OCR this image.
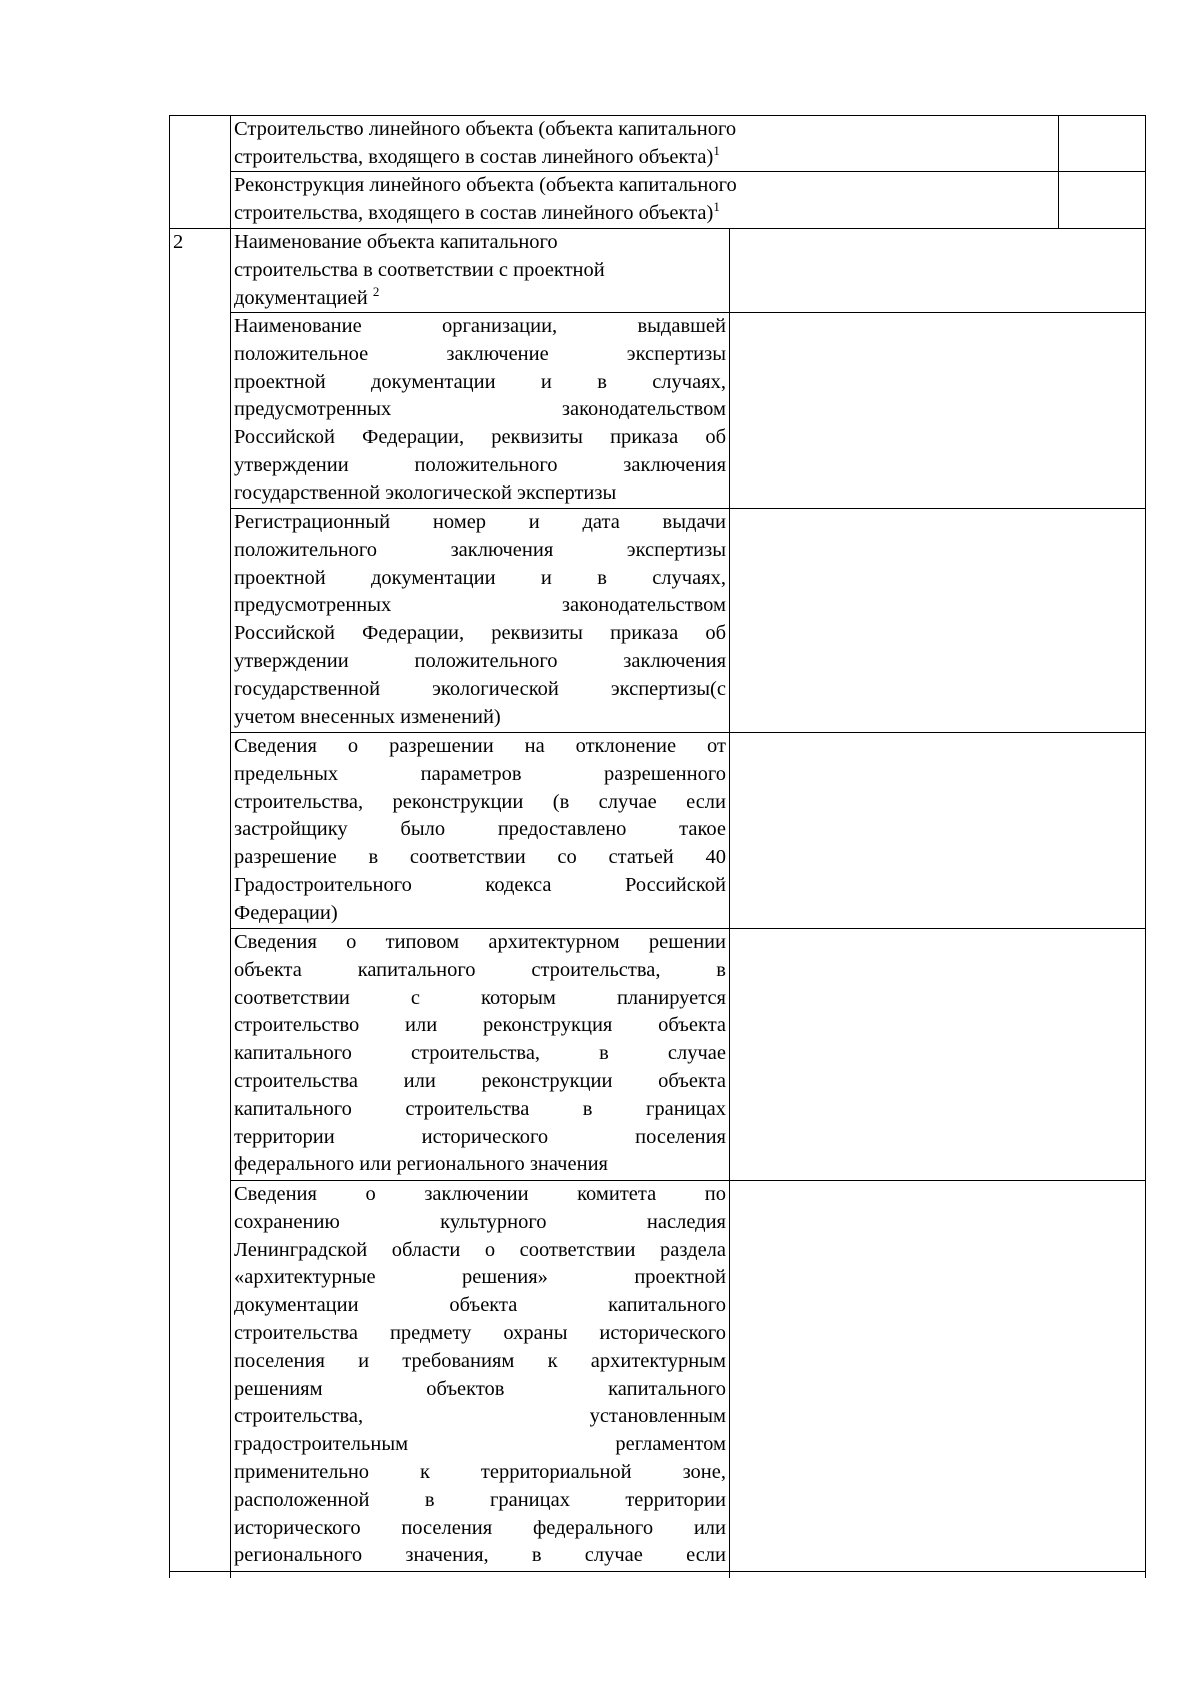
Строительство линейного объекта (объекта капитального
строительства, входящего в состав линейного объекта)$^1$
Реконструкция линейного объекта (объекта капитального
строительства, входящего в состав линейного объекта)$^1$
2 Наименование объекта капитального
строительства в соответствии с проектной
документацией $^2$
Наименование организации, выдавшей
положительное заключение экспертизы
проектной документации и в случаях,
предусмотренных законодательством
Российской Федерации, реквизиты приказа об
утверждении положительного заключения
государственной экологической экспертизы
Регистрационный номер и дата выдачи
положительного заключения экспертизы
проектной документации и в случаях,
предусмотренных законодательством
Российской Федерации, реквизиты приказа об
утверждении положительного заключения
государственной экологической экспертизы(с
учетом внесенных изменений)
Сведения о разрешении на отклонение от
предельных параметров разрешенного
строительства, реконструкции (в случае если
застройщику было предоставлено такое
разрешение в соответствии со статьей 40
Градостроительного кодекса Российской
Федерации)
Сведения о типовом архитектурном решении
объекта капитального строительства, в
соответствии с которым планируется
строительство или реконструкция объекта
капитального строительства, в случае
строительства или реконструкции объекта
капитального строительства в границах
территории исторического поселения
федерального или регионального значения
Сведения о заключении комитета по
сохранению культурного наследия
Ленинградской области о соответствии раздела
«архитектурные решения» проектной
документации объекта капитального
строительства предмету охраны исторического
поселения и требованиям к архитектурным
решениям объектов капитального
строительства, установленным
градостроительным регламентом
применительно к территориальной зоне,
расположенной в границах территории
исторического поселения федерального или
регионального значения, в случае если
